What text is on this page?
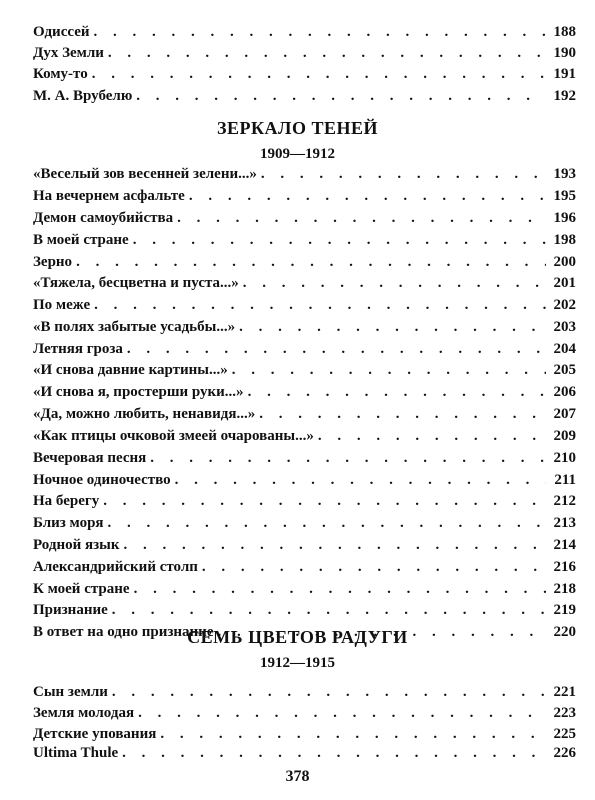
Одиссей . . .	188
Дух Земли . . .	190
Кому-то . . .	191
М. А. Врубелю . . .	192
ЗЕРКАЛО ТЕНЕЙ
1909—1912
«Веселый зов весенней зелени...» . . .	193
На вечернем асфальте . . .	195
Демон самоубийства . . .	196
В моей стране . . .	198
Зерно . . .	200
«Тяжела, бесцветна и пуста...» . . .	201
По меже . . .	202
«В полях забытые усадьбы...» . . .	203
Летняя гроза . . .	204
«И снова давние картины...» . . .	205
«И снова я, простерши руки...» . . .	206
«Да, можно любить, ненавидя...» . . .	207
«Как птицы очковой змеей очарованы...» . . .	209
Вечеровая песня . . .	210
Ночное одиночество . . .	211
На берегу . . .	212
Близ моря . . .	213
Родной язык . . .	214
Александрийский столп . . .	216
К моей стране . . .	218
Признание . . .	219
В ответ на одно признание . . .	220
СЕМЬ ЦВЕТОВ РАДУГИ
1912—1915
Сын земли . . .	221
Земля молодая . . .	223
Детские упования . . .	225
Ultima Thule . . .	226
378
